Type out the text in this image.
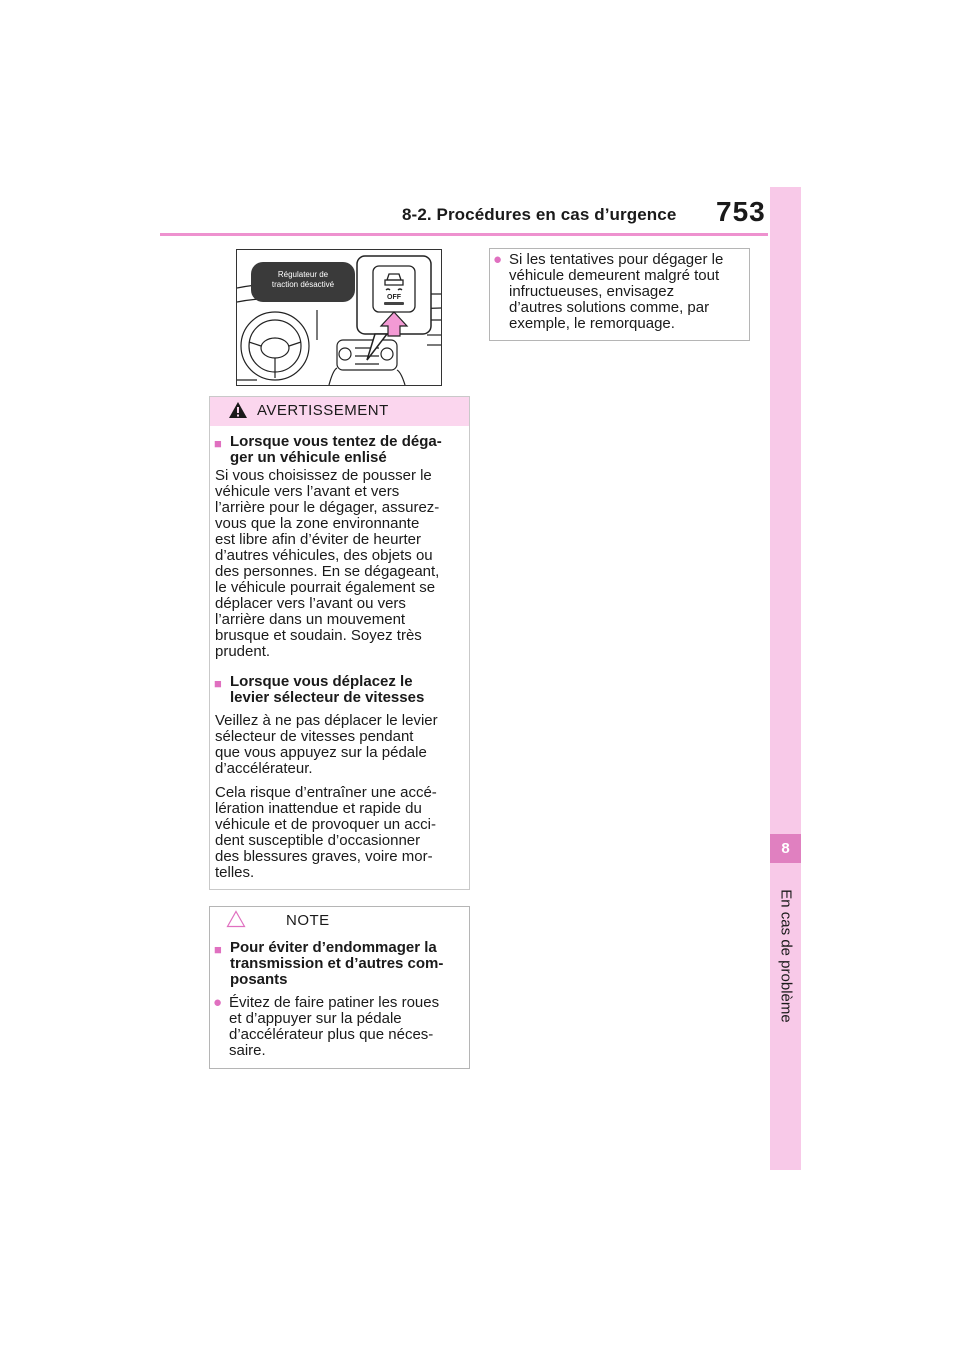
8-2. Procédures en cas d’urgence 753
8
En cas de problème
Régulateur de
traction désactivé
OFF
AVERTISSEMENT
■ Lorsque vous tentez de déga-
ger un véhicule enlisé
Si vous choisissez de pousser le
véhicule vers l’avant et vers
l’arrière pour le dégager, assurez-
vous que la zone environnante
est libre afin d’éviter de heurter
d’autres véhicules, des objets ou
des personnes. En se dégageant,
le véhicule pourrait également se
déplacer vers l’avant ou vers
l’arrière dans un mouvement
brusque et soudain. Soyez très
prudent.
■ Lorsque vous déplacez le
levier sélecteur de vitesses
Veillez à ne pas déplacer le levier
sélecteur de vitesses pendant
que vous appuyez sur la pédale
d’accélérateur.
Cela risque d’entraîner une accé-
lération inattendue et rapide du
véhicule et de provoquer un acci-
dent susceptible d’occasionner
des blessures graves, voire mor-
telles.
NOTE
■ Pour éviter d’endommager la
transmission et d’autres com-
posants
● Évitez de faire patiner les roues
et d’appuyer sur la pédale
d’accélérateur plus que néces-
saire.
● Si les tentatives pour dégager le
véhicule demeurent malgré tout
infructueuses, envisagez
d’autres solutions comme, par
exemple, le remorquage.
